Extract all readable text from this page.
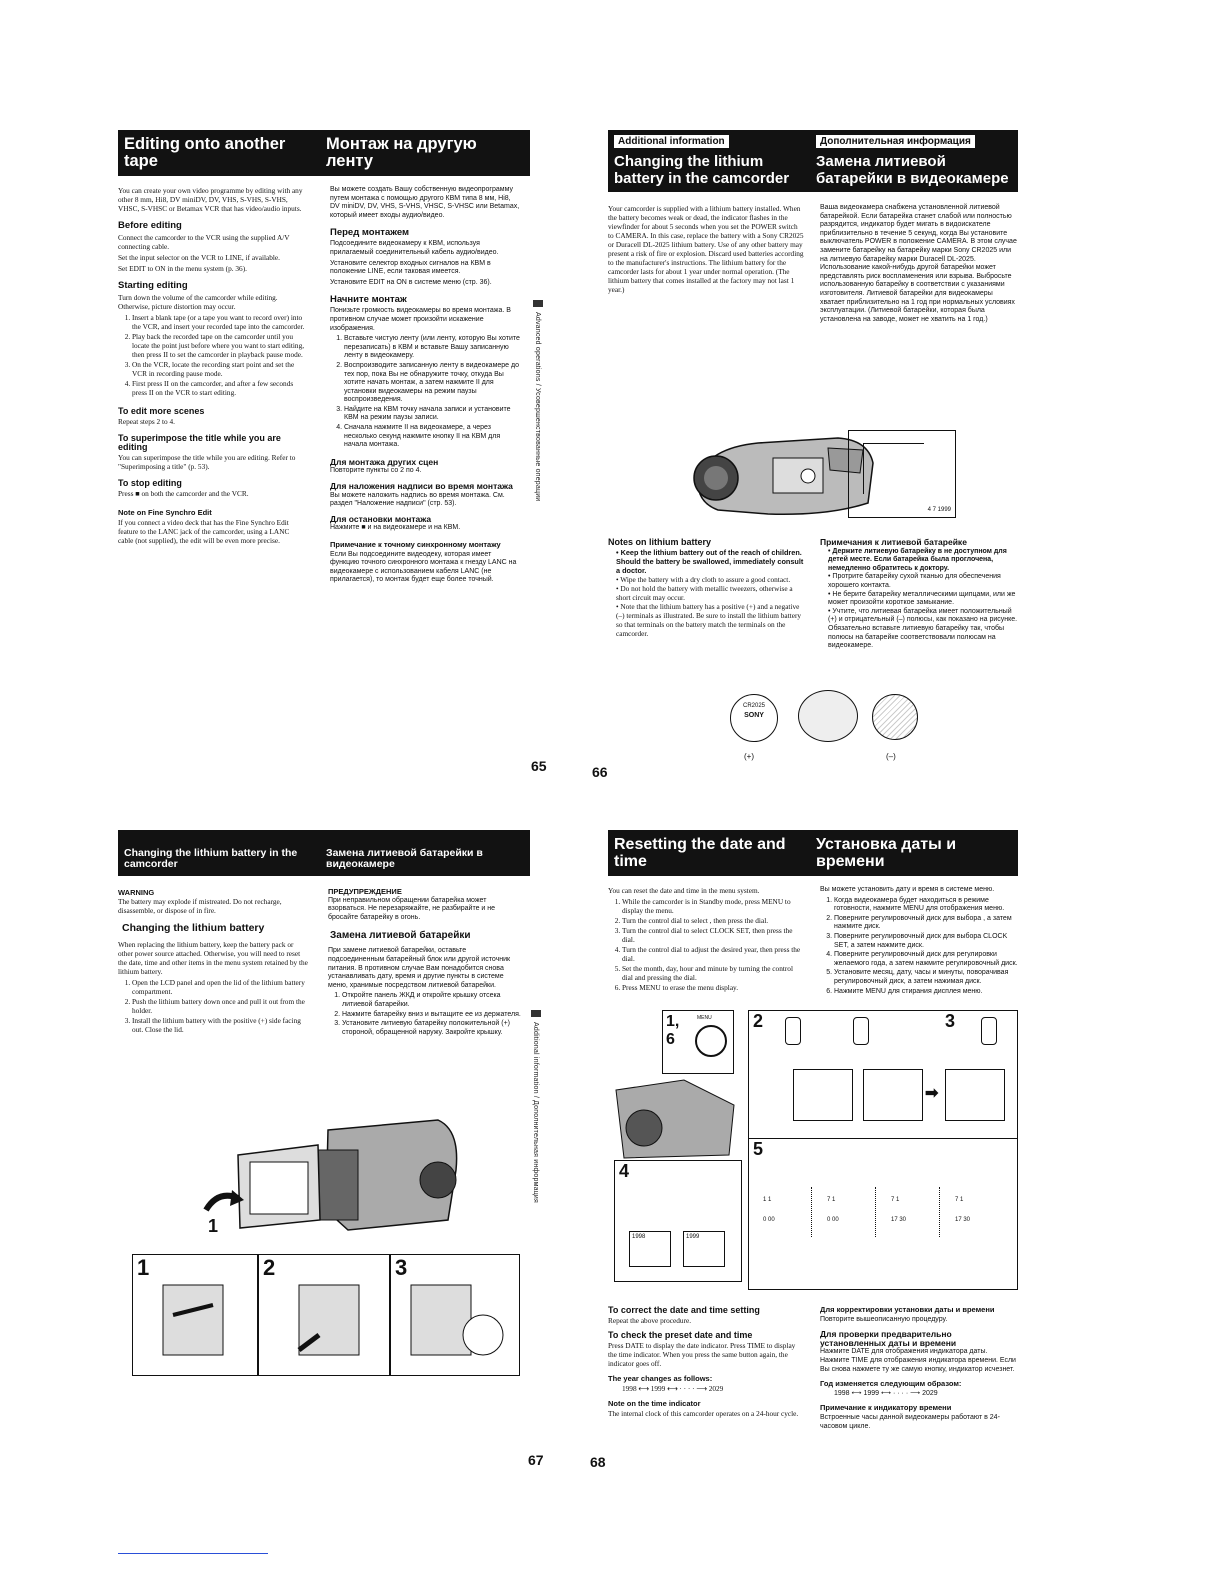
Editing onto another tape
Монтаж на другую ленту

You can create your own video programme by editing with any other 8 mm, Hi8, DV miniDV, DV, VHS, S-VHS, S-VHS, VHSC, S-VHSC or Betamax VCR that has video/audio inputs.

Before editing

Connect the camcorder to the VCR using the supplied A/V connecting cable.

Set the input selector on the VCR to LINE, if available.

Set EDIT to ON in the menu system (p. 36).

Starting editing

Turn down the volume of the camcorder while editing. Otherwise, picture distortion may occur.

1. Insert a blank tape (or a tape you want to record over) into the VCR, and insert your recorded tape into the camcorder.
2. Play back the recorded tape on the camcorder until you locate the point just before where you want to start editing, then press II to set the camcorder in playback pause mode.
3. On the VCR, locate the recording start point and set the VCR in recording pause mode.
4. First press II on the camcorder, and after a few seconds press II on the VCR to start editing.
To edit more scenes

Repeat steps 2 to 4.

To superimpose the title while you are editing

You can superimpose the title while you are editing. Refer to "Superimposing a title" (p. 53).

To stop editing

Press ■ on both the camcorder and the VCR.

Note on Fine Synchro Edit

If you connect a video deck that has the Fine Synchro Edit feature to the LANC jack of the camcorder, using a LANC cable (not supplied), the edit will be even more precise.

Вы можете создать Вашу собственную видеопрограмму путем монтажа с помощью другого КВМ типа 8 мм, Hi8, DV miniDV, DV, VHS, S-VHS, VHSC, S-VHSC или Betamax, который имеет входы аудио/видео.

Перед монтажем

Подсоедините видеокамеру к КВМ, используя прилагаемый соединительный кабель аудио/видео.

Установите селектор входных сигналов на КВМ в положение LINE, если таковая имеется.

Установите EDIT на ON в системе меню (стр. 36).

Начните монтаж

Понизьте громкость видеокамеры во время монтажа. В противном случае может произойти искажение изображения.

1. Вставьте чистую ленту (или ленту, которую Вы хотите перезаписать) в КВМ и вставьте Вашу записанную ленту в видеокамеру.
2. Воспроизводите записанную ленту в видеокамере до тех пор, пока Вы не обнаружите точку, откуда Вы хотите начать монтаж, а затем нажмите II для установки видеокамеры на режим паузы воспроизведения.
3. Найдите на КВМ точку начала записи и установите КВМ на режим паузы записи.
4. Сначала нажмите II на видеокамере, а через несколько секунд нажмите кнопку II на КВМ для начала монтажа.
Для монтажа других сцен

Повторите пункты со 2 по 4.

Для наложения надписи во время монтажа

Вы можете наложить надпись во время монтажа. См. раздел "Наложение надписи" (стр. 53).

Для остановки монтажа

Нажмите ■ и на видеокамере и на КВМ.

Примечание к точному синхронному монтажу

Если Вы подсоедините видеодеку, которая имеет функцию точного синхронного монтажа к гнезду LANC на видеокамере с использованием кабеля LANC (не прилагается), то монтаж будет еще более точный.

Advanced operations / Усовершенствованные операции
65
Additional information	Дополнительная информация
Changing the lithium battery in the camcorder
Замена литиевой батарейки в видеокамере

Your camcorder is supplied with a lithium battery installed. When the battery becomes weak or dead, the indicator flashes in the viewfinder for about 5 seconds when you set the POWER switch to CAMERA. In this case, replace the battery with a Sony CR2025 or Duracell DL-2025 lithium battery. Use of any other battery may present a risk of fire or explosion. Discard used batteries according to the manufacturer's instructions. The lithium battery for the camcorder lasts for about 1 year under normal operation. (The lithium battery that comes installed at the factory may not last 1 year.)

Ваша видеокамера снабжена установленной литиевой батарейкой. Если батарейка станет слабой или полностью разрядится, индикатор будет мигать в видоискателе приблизительно в течение 5 секунд, когда Вы установите выключатель POWER в положение CAMERA. В этом случае замените батарейку на батарейку марки Sony CR2025 или на литиевую батарейку марки Duracell DL-2025. Использование какой-нибудь другой батарейки может представлять риск воспламенения или взрыва. Выбросьте использованную батарейку в соответствии с указаниями изготовителя. Литиевой батарейки для видеокамеры хватает приблизительно на 1 год при нормальных условиях эксплуатации. (Литиевой батарейки, которая была установлена на заводе, может не хватить на 1 год.)

4 7 1999
Notes on lithium battery
• Keep the lithium battery out of the reach of children. Should the battery be swallowed, immediately consult a doctor.
• Wipe the battery with a dry cloth to assure a good contact.
• Do not hold the battery with metallic tweezers, otherwise a short circuit may occur.
• Note that the lithium battery has a positive (+) and a negative (–) terminals as illustrated. Be sure to install the lithium battery so that terminals on the battery match the terminals on the camcorder.
Примечания к литиевой батарейке
• Держите литиевую батарейку в не доступном для детей месте. Если батарейка была проглочена, немедленно обратитесь к доктору.
• Протрите батарейку сухой тканью для обеспечения хорошего контакта.
• Не берите батарейку металлическими щипцами, или же может произойти короткое замыкание.
• Учтите, что литиевая батарейка имеет положительный (+) и отрицательный (–) полюсы, как показано на рисунке. Обязательно вставьте литиевую батарейку так, чтобы полюсы на батарейке соответствовали полюсам на видеокамере.
CR2025
SONY
(+)	(–)
66
Changing the lithium battery in the camcorder
Замена литиевой батарейки в видеокамере
WARNING

The battery may explode if mistreated. Do not recharge, disassemble, or dispose of in fire.

Changing the lithium battery

When replacing the lithium battery, keep the battery pack or other power source attached. Otherwise, you will need to reset the date, time and other items in the menu system retained by the lithium battery.

1. Open the LCD panel and open the lid of the lithium battery compartment.
2. Push the lithium battery down once and pull it out from the holder.
3. Install the lithium battery with the positive (+) side facing out. Close the lid.
ПРЕДУПРЕЖДЕНИЕ

При неправильном обращении батарейка может взорваться. Не перезаряжайте, не разбирайте и не бросайте батарейку в огонь.

Замена литиевой батарейки

При замене литиевой батарейки, оставьте подсоединенным батарейный блок или другой источник питания. В противном случае Вам понадобится снова устанавливать дату, время и другие пункты в системе меню, хранимые посредством литиевой батарейки.

1. Откройте панель ЖКД и откройте крышку отсека литиевой батарейки.
2. Нажмите батарейку вниз и вытащите ее из держателя.
3. Установите литиевую батарейку положительной (+) стороной, обращенной наружу. Закройте крышку.
1
1	2	3
Additional information / Дополнительная информация
67
Resetting the date and time
Установка даты и времени

You can reset the date and time in the menu system.

1. While the camcorder is in Standby mode, press MENU to display the menu.
2. Turn the control dial to select , then press the dial.
3. Turn the control dial to select CLOCK SET, then press the dial.
4. Turn the control dial to adjust the desired year, then press the dial.
5. Set the month, day, hour and minute by turning the control dial and pressing the dial.
6. Press MENU to erase the menu display.

Вы можете установить дату и время в системе меню.

1. Когда видеокамера будет находиться в режиме готовности, нажмите MENU для отображения меню.
2. Поверните регулировочный диск для выбора , а затем нажмите диск.
3. Поверните регулировочный диск для выбора CLOCK SET, а затем нажмите диск.
4. Поверните регулировочный диск для регулировки желаемого года, а затем нажмите регулировочный диск.
5. Установите месяц, дату, часы и минуты, поворачивая регулировочный диск, а затем нажимая диск.
6. Нажмите MENU для стирания дисплея меню.
1, 6
MENU 2
➡
3
4
1998	1999
5
1 1
0 00
7 1
0 00
7 1
17 30
7 1
17 30
To correct the date and time setting

Repeat the above procedure.

To check the preset date and time

Press DATE to display the date indicator. Press TIME to display the time indicator. When you press the same button again, the indicator goes off.

The year changes as follows:

1998 ⟷ 1999 ⟷ · · · · ⟶ 2029

Note on the time indicator

The internal clock of this camcorder operates on a 24-hour cycle.

Для корректировки установки даты и времени

Повторите вышеописанную процедуру.

Для проверки предварительно установленных даты и времени

Нажмите DATE для отображения индикатора даты. Нажмите TIME для отображения индикатора времени. Если Вы снова нажмете ту же самую кнопку, индикатор исчезнет.

Год изменяется следующим образом:

1998 ⟷ 1999 ⟷ · · · · ⟶ 2029

Примечание к индикатору времени

Встроенные часы данной видеокамеры работают в 24-часовом цикле.

68
